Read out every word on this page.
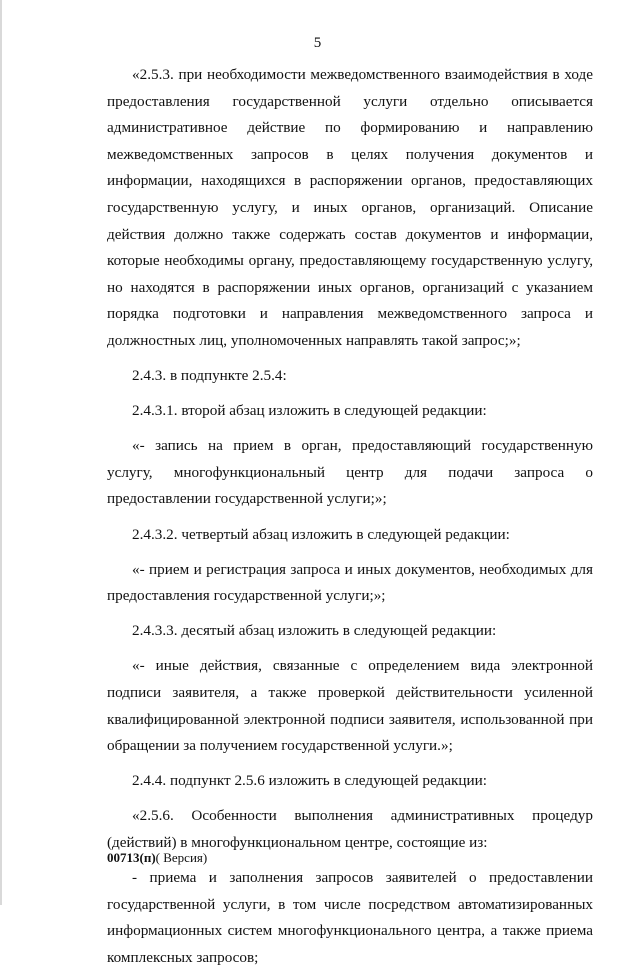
5

«2.5.3. при необходимости межведомственного взаимодействия в ходе предоставления государственной услуги отдельно описывается административное действие по формированию и направлению межведомственных запросов в целях получения документов и информации, находящихся в распоряжении органов, предоставляющих государственную услугу, и иных органов, организаций. Описание действия должно также содержать состав документов и информации, которые необходимы органу, предоставляющему государственную услугу, но находятся в распоряжении иных органов, организаций с указанием порядка подготовки и направления межведомственного запроса и должностных лиц, уполномоченных направлять такой запрос;»;

2.4.3. в подпункте 2.5.4:

2.4.3.1. второй абзац изложить в следующей редакции:

«- запись на прием в орган, предоставляющий государственную услугу, многофункциональный центр для подачи запроса о предоставлении государственной услуги;»;

2.4.3.2. четвертый абзац изложить в следующей редакции:

«- прием и регистрация запроса и иных документов, необходимых для предоставления государственной услуги;»;

2.4.3.3. десятый абзац изложить в следующей редакции:

«- иные действия, связанные с определением вида электронной подписи заявителя, а также проверкой действительности усиленной квалифицированной электронной подписи заявителя, использованной при обращении за получением государственной услуги.»;

2.4.4. подпункт 2.5.6 изложить в следующей редакции:

«2.5.6. Особенности выполнения административных процедур (действий) в многофункциональном центре, состоящие из:

- приема и заполнения запросов заявителей о предоставлении государственной услуги, в том числе посредством автоматизированных информационных систем многофункционального центра, а также приема комплексных запросов;

00713(п)( Версия)
